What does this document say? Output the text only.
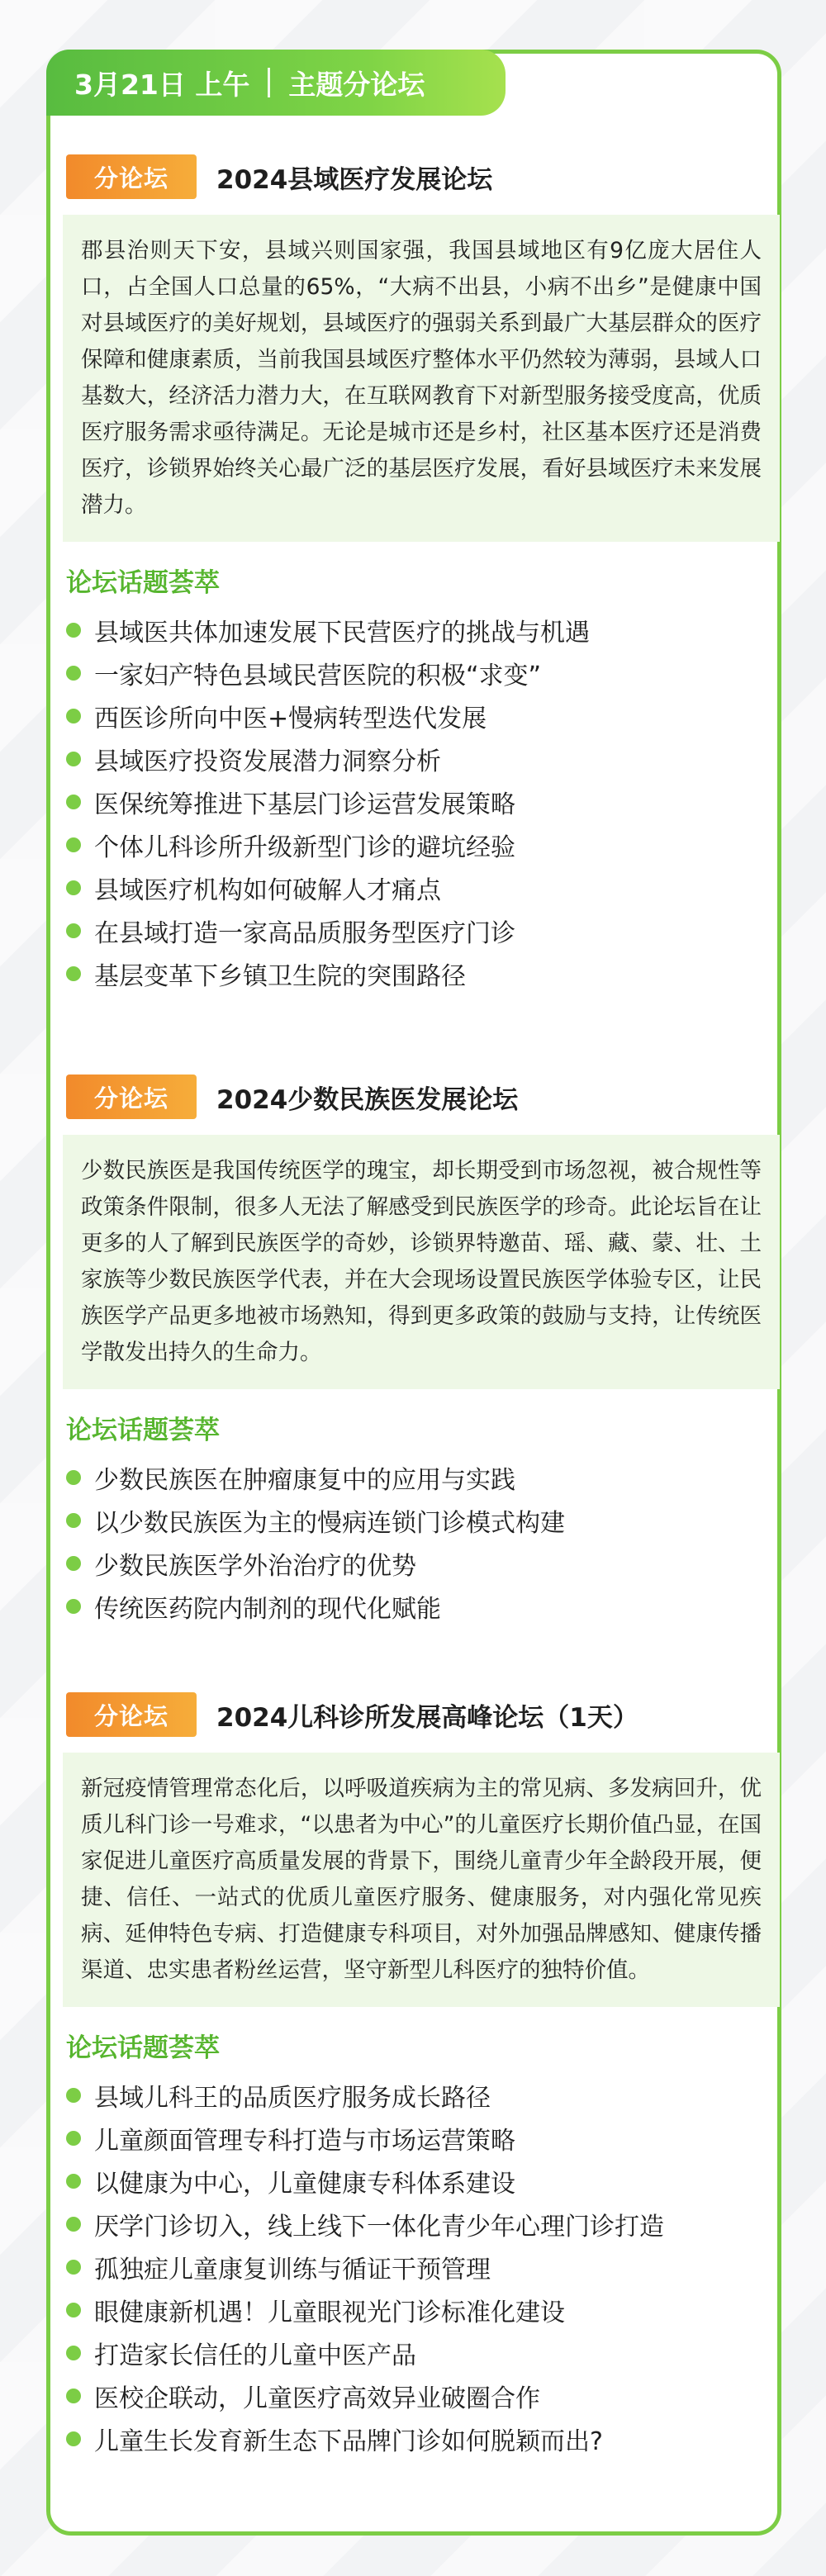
3月21日 上午 主题分论坛
分论坛	2024县域医疗发展论坛
郡县治则天下安，县域兴则国家强，我国县域地区有9亿庞大居住人口，占全国人口总量的65%，“大病不出县，小病不出乡”是健康中国对县域医疗的美好规划，县域医疗的强弱关系到最广大基层群众的医疗保障和健康素质，当前我国县域医疗整体水平仍然较为薄弱，县域人口基数大，经济活力潜力大，在互联网教育下对新型服务接受度高，优质医疗服务需求亟待满足。无论是城市还是乡村，社区基本医疗还是消费医疗，诊锁界始终关心最广泛的基层医疗发展，看好县域医疗未来发展潜力。
论坛话题荟萃
县域医共体加速发展下民营医疗的挑战与机遇
一家妇产特色县域民营医院的积极“求变”
西医诊所向中医+慢病转型迭代发展
县域医疗投资发展潜力洞察分析
医保统筹推进下基层门诊运营发展策略
个体儿科诊所升级新型门诊的避坑经验
县域医疗机构如何破解人才痛点
在县域打造一家高品质服务型医疗门诊
基层变革下乡镇卫生院的突围路径
分论坛	2024少数民族医发展论坛
少数民族医是我国传统医学的瑰宝，却长期受到市场忽视，被合规性等政策条件限制，很多人无法了解感受到民族医学的珍奇。此论坛旨在让更多的人了解到民族医学的奇妙，诊锁界特邀苗、瑶、藏、蒙、壮、土家族等少数民族医学代表，并在大会现场设置民族医学体验专区，让民族医学产品更多地被市场熟知，得到更多政策的鼓励与支持，让传统医学散发出持久的生命力。
论坛话题荟萃
少数民族医在肿瘤康复中的应用与实践
以少数民族医为主的慢病连锁门诊模式构建
少数民族医学外治治疗的优势
传统医药院内制剂的现代化赋能
分论坛	2024儿科诊所发展高峰论坛（1天）
新冠疫情管理常态化后，以呼吸道疾病为主的常见病、多发病回升，优质儿科门诊一号难求，“以患者为中心”的儿童医疗长期价值凸显，在国家促进儿童医疗高质量发展的背景下，围绕儿童青少年全龄段开展，便捷、信任、一站式的优质儿童医疗服务、健康服务，对内强化常见疾病、延伸特色专病、打造健康专科项目，对外加强品牌感知、健康传播渠道、忠实患者粉丝运营，坚守新型儿科医疗的独特价值。
论坛话题荟萃
县域儿科王的品质医疗服务成长路径
儿童颜面管理专科打造与市场运营策略
以健康为中心，儿童健康专科体系建设
厌学门诊切入，线上线下一体化青少年心理门诊打造
孤独症儿童康复训练与循证干预管理
眼健康新机遇！儿童眼视光门诊标准化建设
打造家长信任的儿童中医产品
医校企联动，儿童医疗高效异业破圈合作
儿童生长发育新生态下品牌门诊如何脱颖而出?
